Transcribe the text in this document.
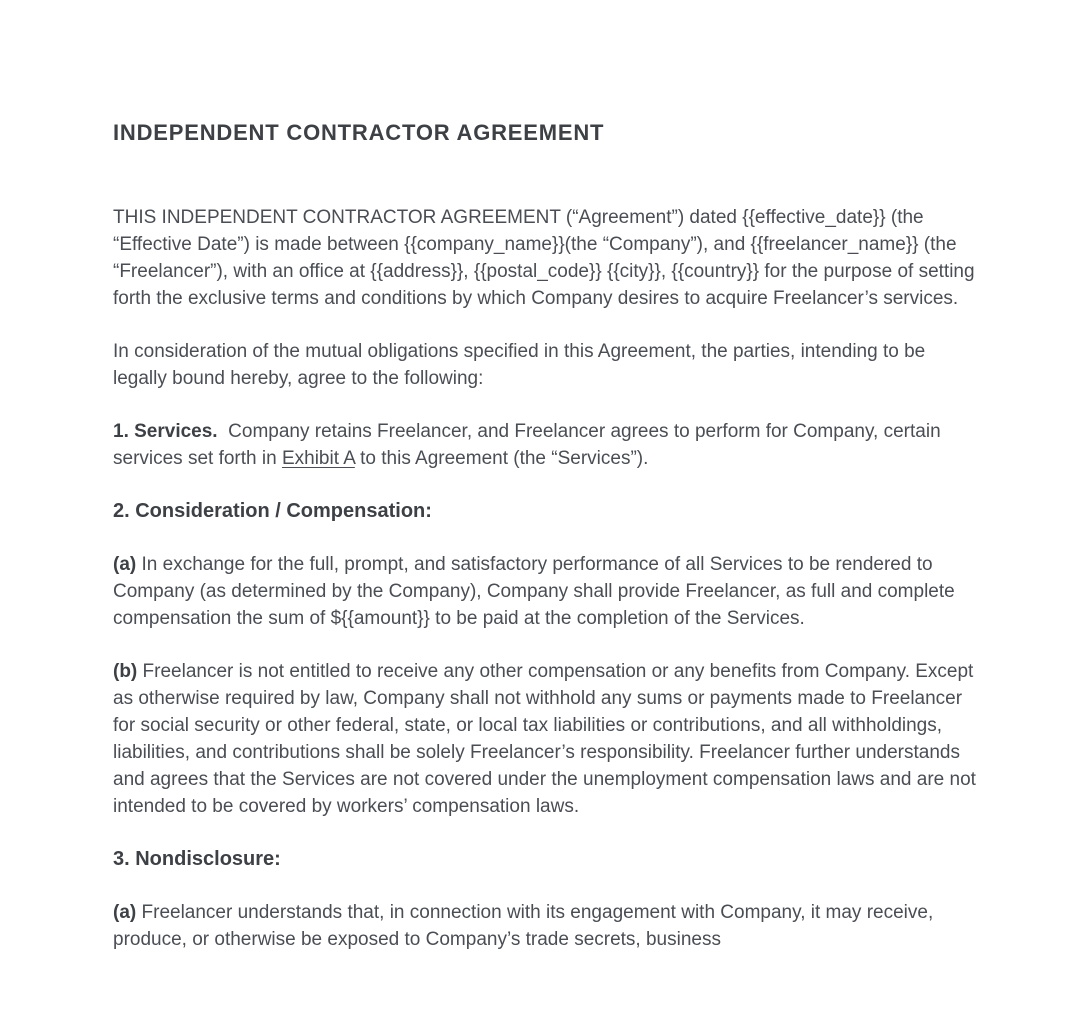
INDEPENDENT CONTRACTOR AGREEMENT

THIS INDEPENDENT CONTRACTOR AGREEMENT (“Agreement”) dated {{effective_date}} (the “Effective Date”) is made between {{company_name}}(the “Company”), and {{freelancer_name}} (the “Freelancer”), with an office at {{address}}, {{postal_code}} {{city}}, {{country}} for the purpose of setting forth the exclusive terms and conditions by which Company desires to acquire Freelancer’s services.

In consideration of the mutual obligations specified in this Agreement, the parties, intending to be legally bound hereby, agree to the following:

1. Services.  Company retains Freelancer, and Freelancer agrees to perform for Company, certain services set forth in Exhibit A to this Agreement (the “Services”).

2. Consideration / Compensation:

(a) In exchange for the full, prompt, and satisfactory performance of all Services to be rendered to Company (as determined by the Company), Company shall provide Freelancer, as full and complete compensation the sum of ${{amount}} to be paid at the completion of the Services.

(b) Freelancer is not entitled to receive any other compensation or any benefits from Company. Except as otherwise required by law, Company shall not withhold any sums or payments made to Freelancer for social security or other federal, state, or local tax liabilities or contributions, and all withholdings, liabilities, and contributions shall be solely Freelancer’s responsibility. Freelancer further understands and agrees that the Services are not covered under the unemployment compensation laws and are not intended to be covered by workers’ compensation laws.

3. Nondisclosure:

(a) Freelancer understands that, in connection with its engagement with Company, it may receive, produce, or otherwise be exposed to Company’s trade secrets, business
